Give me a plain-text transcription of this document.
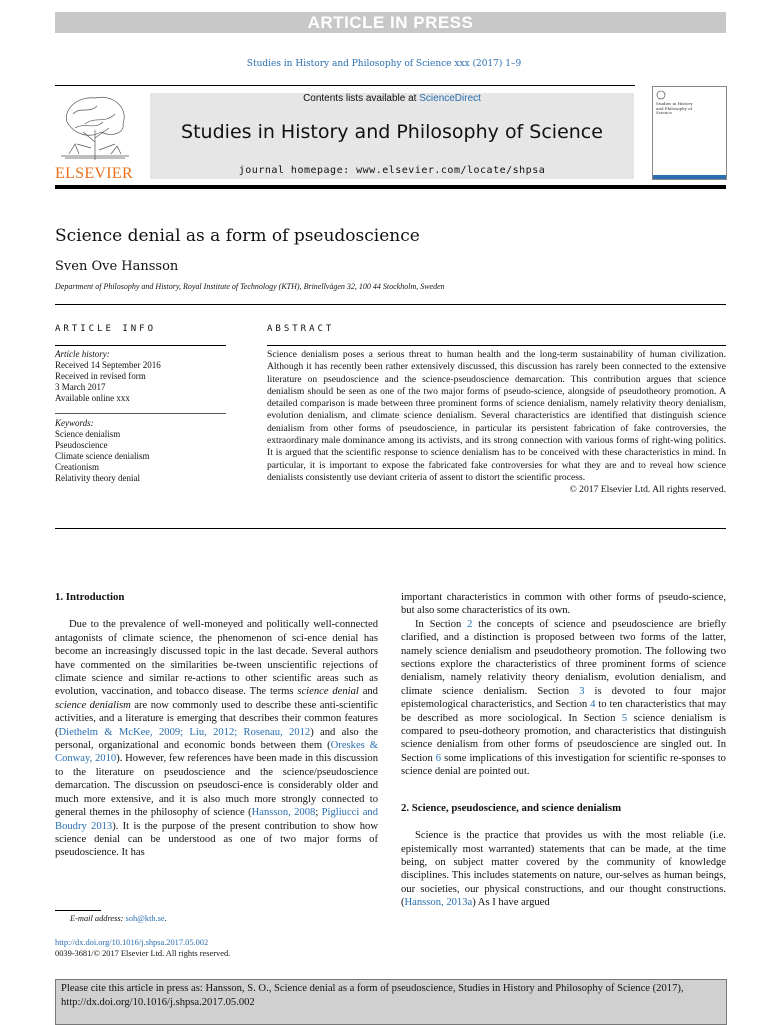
ARTICLE IN PRESS
Studies in History and Philosophy of Science xxx (2017) 1–9
ELSEVIER
Contents lists available at ScienceDirect
Studies in History and Philosophy of Science
journal homepage: www.elsevier.com/locate/shpsa
Studies in History and Philosophy of Science
Science denial as a form of pseudoscience
Sven Ove Hansson
Department of Philosophy and History, Royal Institute of Technology (KTH), Brinellvägen 32, 100 44 Stockholm, Sweden
ARTICLE INFO	ABSTRACT
Article history:
Received 14 September 2016
Received in revised form
3 March 2017
Available online xxx
Keywords:
Science denialism
Pseudoscience
Climate science denialism
Creationism
Relativity theory denial
Science denialism poses a serious threat to human health and the long-term sustainability of human civilization. Although it has recently been rather extensively discussed, this discussion has rarely been connected to the extensive literature on pseudoscience and the science-pseudoscience demarcation. This contribution argues that science denialism should be seen as one of the two major forms of pseudo-science, alongside of pseudotheory promotion. A detailed comparison is made between three prominent forms of science denialism, namely relativity theory denialism, evolution denialism, and climate science denialism. Several characteristics are identified that distinguish science denialism from other forms of pseudoscience, in particular its persistent fabrication of fake controversies, the extraordinary male dominance among its activists, and its strong connection with various forms of right-wing politics. It is argued that the scientific response to science denialism has to be conceived with these characteristics in mind. In particular, it is important to expose the fabricated fake controversies for what they are and to reveal how science denialists consistently use deviant criteria of assent to distort the scientific process.
© 2017 Elsevier Ltd. All rights reserved.
1. Introduction

Due to the prevalence of well-moneyed and politically well-connected antagonists of climate science, the phenomenon of sci-ence denial has become an increasingly discussed topic in the last decade. Several authors have commented on the similarities be-tween unscientific rejections of climate science and similar re-actions to other scientific areas such as evolution, vaccination, and tobacco disease. The terms science denial and science denialism are now commonly used to describe these anti-scientific activities, and a literature is emerging that describes their common features (Diethelm & McKee, 2009; Liu, 2012; Rosenau, 2012) and also the personal, organizational and economic bonds between them (Oreskes & Conway, 2010). However, few references have been made in this discussion to the literature on pseudoscience and the science/pseudoscience demarcation. The discussion on pseudosci-ence is considerably older and much more extensive, and it is also much more strongly connected to general themes in the philosophy of science (Hansson, 2008; Pigliucci and Boudry 2013). It is the purpose of the present contribution to show how science denial can be understood as one of two major forms of pseudoscience. It has

important characteristics in common with other forms of pseudo-science, but also some characteristics of its own.

In Section 2 the concepts of science and pseudoscience are briefly clarified, and a distinction is proposed between two forms of the latter, namely science denialism and pseudotheory promotion. The following two sections explore the characteristics of three prominent forms of science denialism, namely relativity theory denialism, evolution denialism, and climate science denialism. Section 3 is devoted to four major epistemological characteristics, and Section 4 to ten characteristics that may be described as more sociological. In Section 5 science denialism is compared to pseu-dotheory promotion, and characteristics that distinguish science denialism from other forms of pseudoscience are singled out. In Section 6 some implications of this investigation for scientific re-sponses to science denial are pointed out.

2. Science, pseudoscience, and science denialism

Science is the practice that provides us with the most reliable (i.e. epistemically most warranted) statements that can be made, at the time being, on subject matter covered by the community of knowledge disciplines. This includes statements on nature, our-selves as human beings, our societies, our physical constructions, and our thought constructions. (Hansson, 2013a) As I have argued

E-mail address: soh@kth.se.
http://dx.doi.org/10.1016/j.shpsa.2017.05.002
0039-3681/© 2017 Elsevier Ltd. All rights reserved.
Please cite this article in press as: Hansson, S. O., Science denial as a form of pseudoscience, Studies in History and Philosophy of Science (2017), http://dx.doi.org/10.1016/j.shpsa.2017.05.002
